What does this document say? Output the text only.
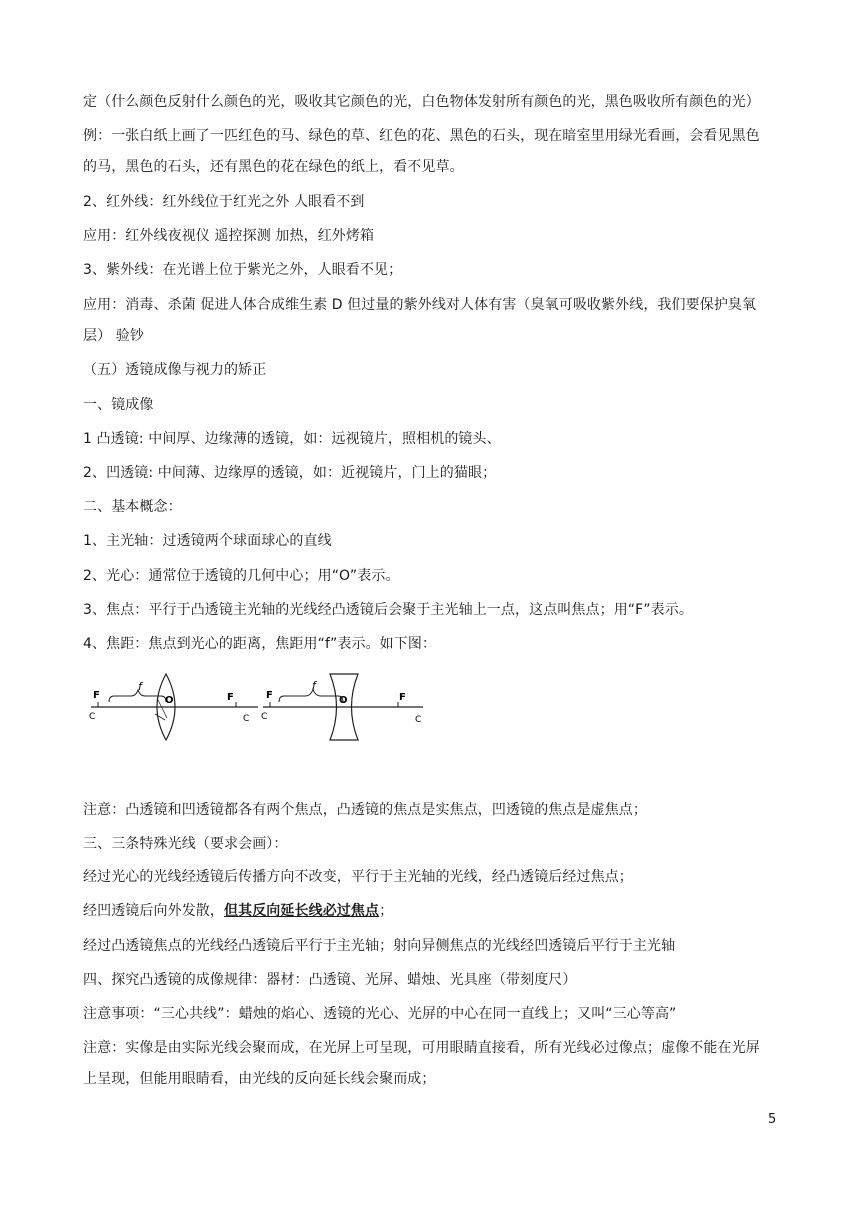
定（什么颜色反射什么颜色的光，吸收其它颜色的光，白色物体发射所有颜色的光，黑色吸收所有颜色的光）
例：一张白纸上画了一匹红色的马、绿色的草、红色的花、黑色的石头，现在暗室里用绿光看画，会看见黑色
的马，黑色的石头，还有黑色的花在绿色的纸上，看不见草。
2、红外线：红外线位于红光之外 人眼看不到
应用：红外线夜视仪 遥控探测 加热，红外烤箱
3、紫外线：在光谱上位于紫光之外，人眼看不见；
应用：消毒、杀菌 促进人体合成维生素 D 但过量的紫外线对人体有害（臭氧可吸收紫外线，我们要保护臭氧
层） 验钞
（五）透镜成像与视力的矫正
一、镜成像
1 凸透镜: 中间厚、边缘薄的透镜，如：远视镜片，照相机的镜头、
2、凹透镜: 中间薄、边缘厚的透镜，如：近视镜片，门上的猫眼；
二、基本概念：
1、主光轴：过透镜两个球面球心的直线
2、光心：通常位于透镜的几何中心；用“O”表示。
3、焦点：平行于凸透镜主光轴的光线经凸透镜后会聚于主光轴上一点，这点叫焦点；用“F”表示。
4、焦距：焦点到光心的距离，焦距用“f”表示。如下图：
F
f
O	F
C	C
F
f
O	F
C	C
注意：凸透镜和凹透镜都各有两个焦点，凸透镜的焦点是实焦点，凹透镜的焦点是虚焦点；
三、三条特殊光线（要求会画）：
经过光心的光线经透镜后传播方向不改变，平行于主光轴的光线，经凸透镜后经过焦点；
经凹透镜后向外发散，但其反向延长线必过焦点；
经过凸透镜焦点的光线经凸透镜后平行于主光轴；射向异侧焦点的光线经凹透镜后平行于主光轴
四、探究凸透镜的成像规律：器材：凸透镜、光屏、蜡烛、光具座（带刻度尺）
注意事项：“三心共线”：蜡烛的焰心、透镜的光心、光屏的中心在同一直线上；又叫“三心等高”
注意：实像是由实际光线会聚而成，在光屏上可呈现，可用眼睛直接看，所有光线必过像点；虚像不能在光屏
上呈现，但能用眼睛看，由光线的反向延长线会聚而成；
5
